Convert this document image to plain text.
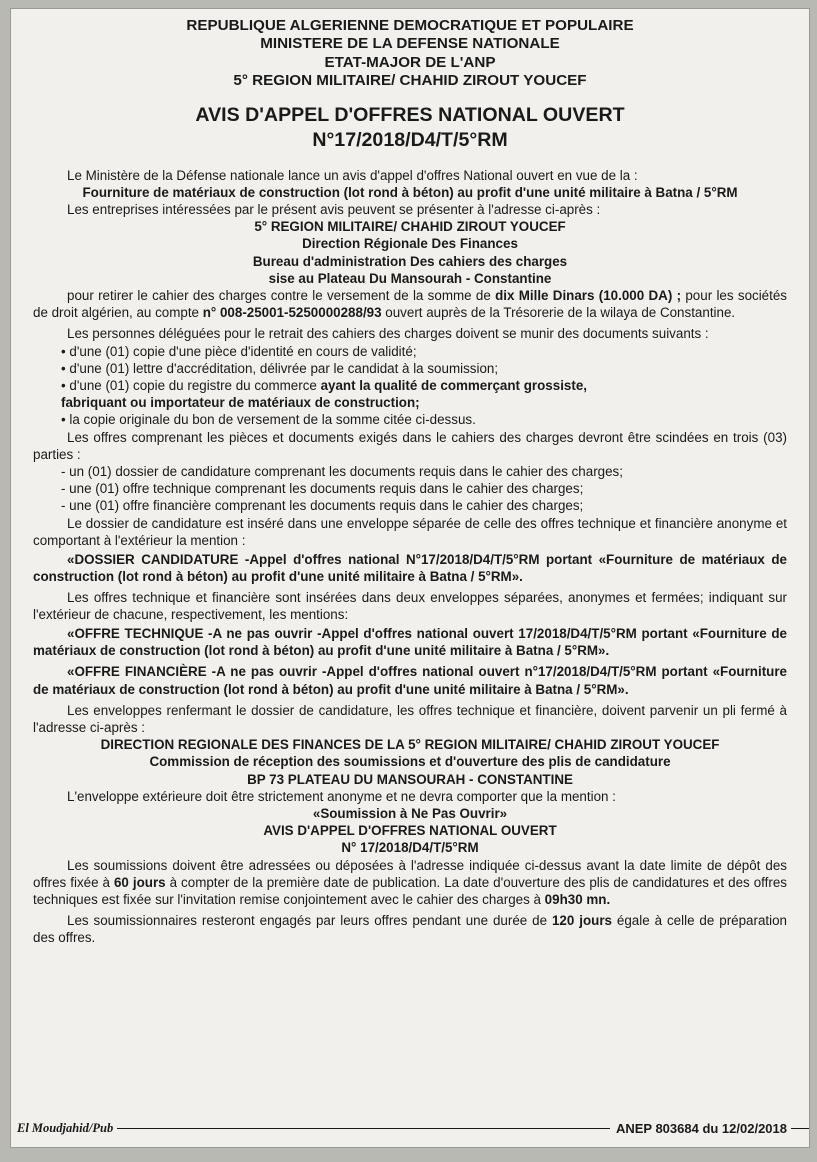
REPUBLIQUE ALGERIENNE DEMOCRATIQUE ET POPULAIRE
MINISTERE DE LA DEFENSE NATIONALE
ETAT-MAJOR DE L'ANP
5° REGION MILITAIRE/ CHAHID ZIROUT YOUCEF
AVIS D'APPEL D'OFFRES NATIONAL OUVERT
N°17/2018/D4/T/5°RM

Le Ministère de la Défense nationale lance un avis d'appel d'offres National ouvert en vue de la :

Fourniture de matériaux de construction (lot rond à béton) au profit d'une unité militaire à Batna / 5°RM

Les entreprises intéressées par le présent avis peuvent se présenter à l'adresse ci-après :

5° REGION MILITAIRE/ CHAHID ZIROUT YOUCEF
Direction Régionale Des Finances
Bureau d'administration Des cahiers des charges
sise au Plateau Du Mansourah - Constantine

pour retirer le cahier des charges contre le versement de la somme de dix Mille Dinars (10.000 DA) ; pour les sociétés de droit algérien, au compte n° 008-25001-5250000288/93 ouvert auprès de la Trésorerie de la wilaya de Constantine.

Les personnes déléguées pour le retrait des cahiers des charges doivent se munir des documents suivants :

• d'une (01) copie d'une pièce d'identité en cours de validité;

• d'une (01) lettre d'accréditation, délivrée par le candidat à la soumission;

• d'une (01) copie du registre du commerce ayant la qualité de commerçant grossiste,

fabriquant ou importateur de matériaux de construction;

• la copie originale du bon de versement de la somme citée ci-dessus.

Les offres comprenant les pièces et documents exigés dans le cahiers des charges devront être scindées en trois (03) parties :

- un (01) dossier de candidature comprenant les documents requis dans le cahier des charges;

- une (01) offre technique comprenant les documents requis dans le cahier des charges;

- une (01) offre financière comprenant les documents requis dans le cahier des charges;

Le dossier de candidature est inséré dans une enveloppe séparée de celle des offres technique et financière anonyme et comportant à l'extérieur la mention :

«DOSSIER CANDIDATURE -Appel d'offres national N°17/2018/D4/T/5°RM portant «Fourniture de matériaux de construction (lot rond à béton) au profit d'une unité militaire à Batna / 5°RM».

Les offres technique et financière sont insérées dans deux enveloppes séparées, anonymes et fermées; indiquant sur l'extérieur de chacune, respectivement, les mentions:

«OFFRE TECHNIQUE -A ne pas ouvrir -Appel d'offres national ouvert 17/2018/D4/T/5°RM portant «Fourniture de matériaux de construction (lot rond à béton) au profit d'une unité militaire à Batna / 5°RM».

«OFFRE FINANCIÈRE -A ne pas ouvrir -Appel d'offres national ouvert n°17/2018/D4/T/5°RM portant «Fourniture de matériaux de construction (lot rond à béton) au profit d'une unité militaire à Batna / 5°RM».

Les enveloppes renfermant le dossier de candidature, les offres technique et financière, doivent parvenir un pli fermé à l'adresse ci-après :

DIRECTION REGIONALE DES FINANCES DE LA 5° REGION MILITAIRE/ CHAHID ZIROUT YOUCEF
Commission de réception des soumissions et d'ouverture des plis de candidature
BP 73 PLATEAU DU MANSOURAH - CONSTANTINE

L'enveloppe extérieure doit être strictement anonyme et ne devra comporter que la mention :

«Soumission à Ne Pas Ouvrir»
AVIS D'APPEL D'OFFRES NATIONAL OUVERT
N° 17/2018/D4/T/5°RM

Les soumissions doivent être adressées ou déposées à l'adresse indiquée ci-dessus avant la date limite de dépôt des offres fixée à 60 jours à compter de la première date de publication. La date d'ouverture des plis de candidatures et des offres techniques est fixée sur l'invitation remise conjointement avec le cahier des charges à 09h30 mn.

Les soumissionnaires resteront engagés par leurs offres pendant une durée de 120 jours égale à celle de préparation des offres.

El Moudjahid/Pub	ANEP 803684 du 12/02/2018
